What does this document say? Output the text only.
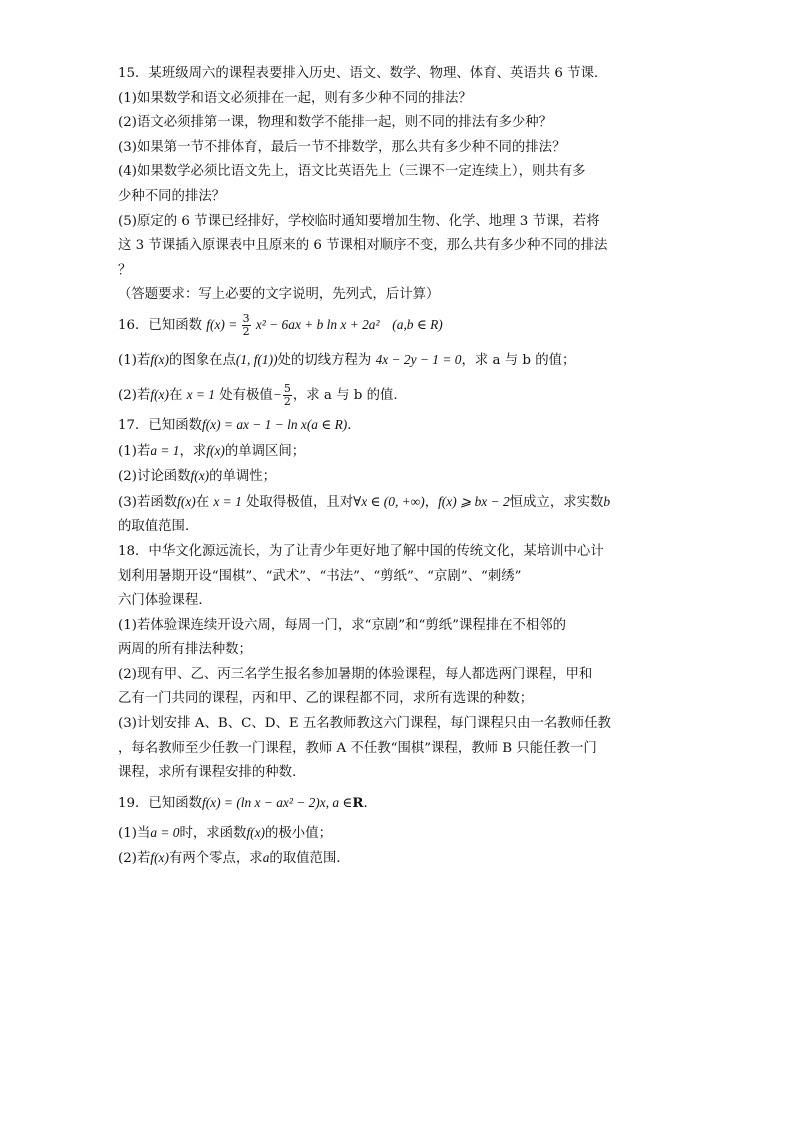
15．某班级周六的课程表要排入历史、语文、数学、物理、体育、英语共 6 节课．
(1)如果数学和语文必须排在一起，则有多少种不同的排法？
(2)语文必须排第一课，物理和数学不能排一起，则不同的排法有多少种？
(3)如果第一节不排体育，最后一节不排数学，那么共有多少种不同的排法？
(4)如果数学必须比语文先上，语文比英语先上（三课不一定连续上），则共有多
少种不同的排法？
(5)原定的 6 节课已经排好，学校临时通知要增加生物、化学、地理 3 节课，若将
这 3 节课插入原课表中且原来的 6 节课相对顺序不变，那么共有多少种不同的排法
？
（答题要求：写上必要的文字说明，先列式，后计算）
16．已知函数 $f(x) = \frac{3}{2} x^2 - 6ax + b$ ln x + 2a² (a,b ∈ R)
(1)若f(x)的图象在点(1, f(1))处的切线方程为 4x − 2y − 1 = 0，求 a 与 b 的值；
(2)若f(x)在 x = 1 处有极值− $\frac{5}{2}$ ，求 a 与 b 的值.
17．已知函数f(x) = ax − 1 − ln x(a ∈ R)．
(1)若a = 1，求f(x)的单调区间；
(2)讨论函数f(x)的单调性；
(3)若函数f(x)在 x = 1 处取得极值，且对∀x ∈ (0, +∞)，f(x) ⩾ bx − 2恒成立，求实数b
的取值范围．
18．中华文化源远流长，为了让青少年更好地了解中国的传统文化，某培训中心计
划利用暑期开设“围棋”、“武术”、“书法”、“剪纸”、“京剧”、“刺绣”
六门体验课程．
(1)若体验课连续开设六周，每周一门，求“京剧”和“剪纸”课程排在不相邻的
两周的所有排法种数；
(2)现有甲、乙、丙三名学生报名参加暑期的体验课程，每人都选两门课程，甲和
乙有一门共同的课程，丙和甲、乙的课程都不同，求所有选课的种数；
(3)计划安排 A、B、C、D、E 五名教师教这六门课程，每门课程只由一名教师任教
，每名教师至少任教一门课程，教师 A 不任教“围棋”课程，教师 B 只能任教一门
课程，求所有课程安排的种数．
19．已知函数f(x) = (ln x − ax² − 2)x, a ∈R．
(1)当a = 0时，求函数f(x)的极小值；
(2)若f(x)有两个零点，求a的取值范围．
